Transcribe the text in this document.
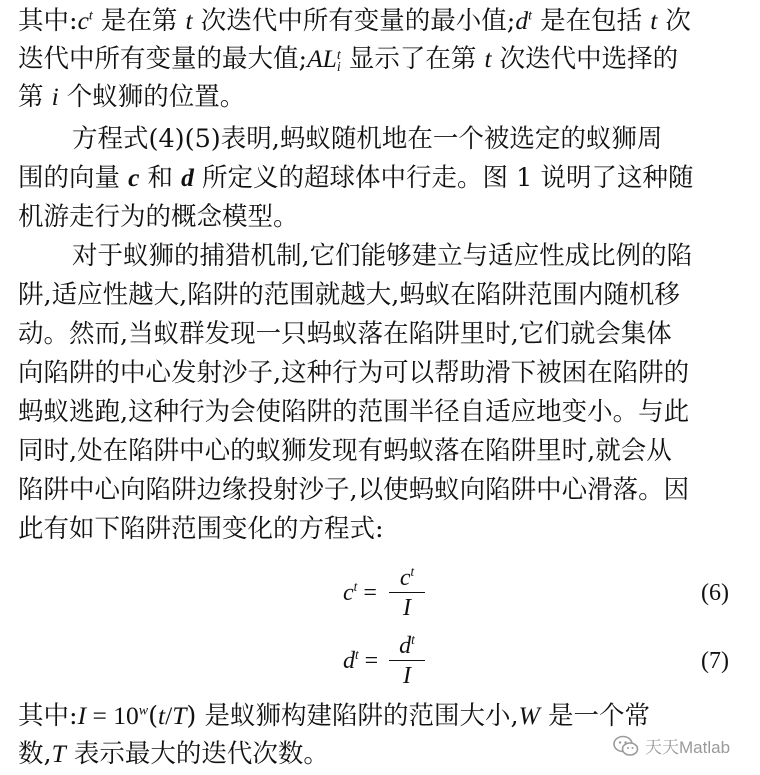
其中$:c^t$ 是在第 t 次迭代中所有变量的最小值$;d^t$ 是在包括 t 次
迭代中所有变量的最大值;AL t
i 显示了在第 t 次迭代中选择的
第 i 个蚁狮的位置。
方程式(4)(5)表明,蚂蚁随机地在一个被选定的蚁狮周
围的向量 c 和 d 所定义的超球体中行走。图 1 说明了这种随
机游走行为的概念模型。
对于蚁狮的捕猎机制,它们能够建立与适应性成比例的陷
阱,适应性越大,陷阱的范围就越大,蚂蚁在陷阱范围内随机移
动。然而,当蚁群发现一只蚂蚁落在陷阱里时,它们就会集体
向陷阱的中心发射沙子,这种行为可以帮助滑下被困在陷阱的
蚂蚁逃跑,这种行为会使陷阱的范围半径自适应地变小。与此
同时,处在陷阱中心的蚁狮发现有蚂蚁落在陷阱里时,就会从
陷阱中心向陷阱边缘投射沙子,以使蚂蚁向陷阱中心滑落。因
此有如下陷阱范围变化的方程式:
$c^t$ =
$c^t$
I
(6)
$d^t$ =
$d^t$
I
(7)
其中:I = $10^w(t/T)$ 是蚁狮构建陷阱的范围大小,W 是一个常
数,T 表示最大的迭代次数。	天天Matlab
